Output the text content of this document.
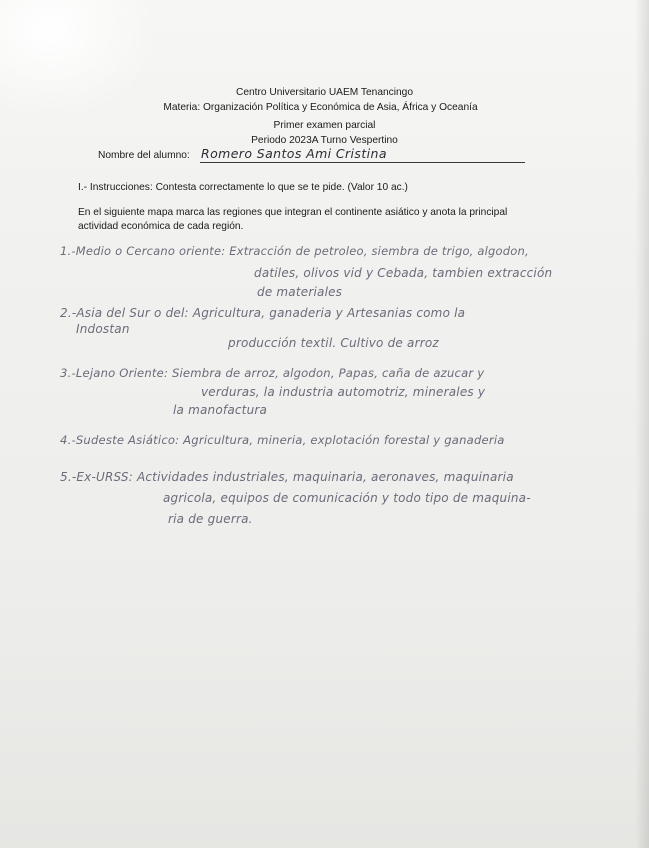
Centro Universitario UAEM Tenancingo
Materia: Organización Política y Económica de Asia, África y Oceanía
Primer examen parcial
Periodo 2023A Turno Vespertino
Nombre del alumno: Romero Santos Ami Cristina
I.- Instrucciones: Contesta correctamente lo que se te pide. (Valor 10 ac.)
En el siguiente mapa marca las regiones que integran el continente asiático y anota la principal
actividad económica de cada región.
1.-Medio o Cercano oriente: Extracción de petroleo, siembra de trigo, algodon,
datiles, olivos vid y Cebada, tambien extracción
de materiales
2.-Asia del Sur o del: Agricultura, ganaderia y Artesanias como la
Indostan
producción textil. Cultivo de arroz
3.-Lejano Oriente: Siembra de arroz, algodon, Papas, caña de azucar y
verduras, la industria automotriz, minerales y
la manofactura
4.-Sudeste Asiático: Agricultura, mineria, explotación forestal y ganaderia
5.-Ex-URSS: Actividades industriales, maquinaria, aeronaves, maquinaria
agricola, equipos de comunicación y todo tipo de maquina-
ria de guerra.
